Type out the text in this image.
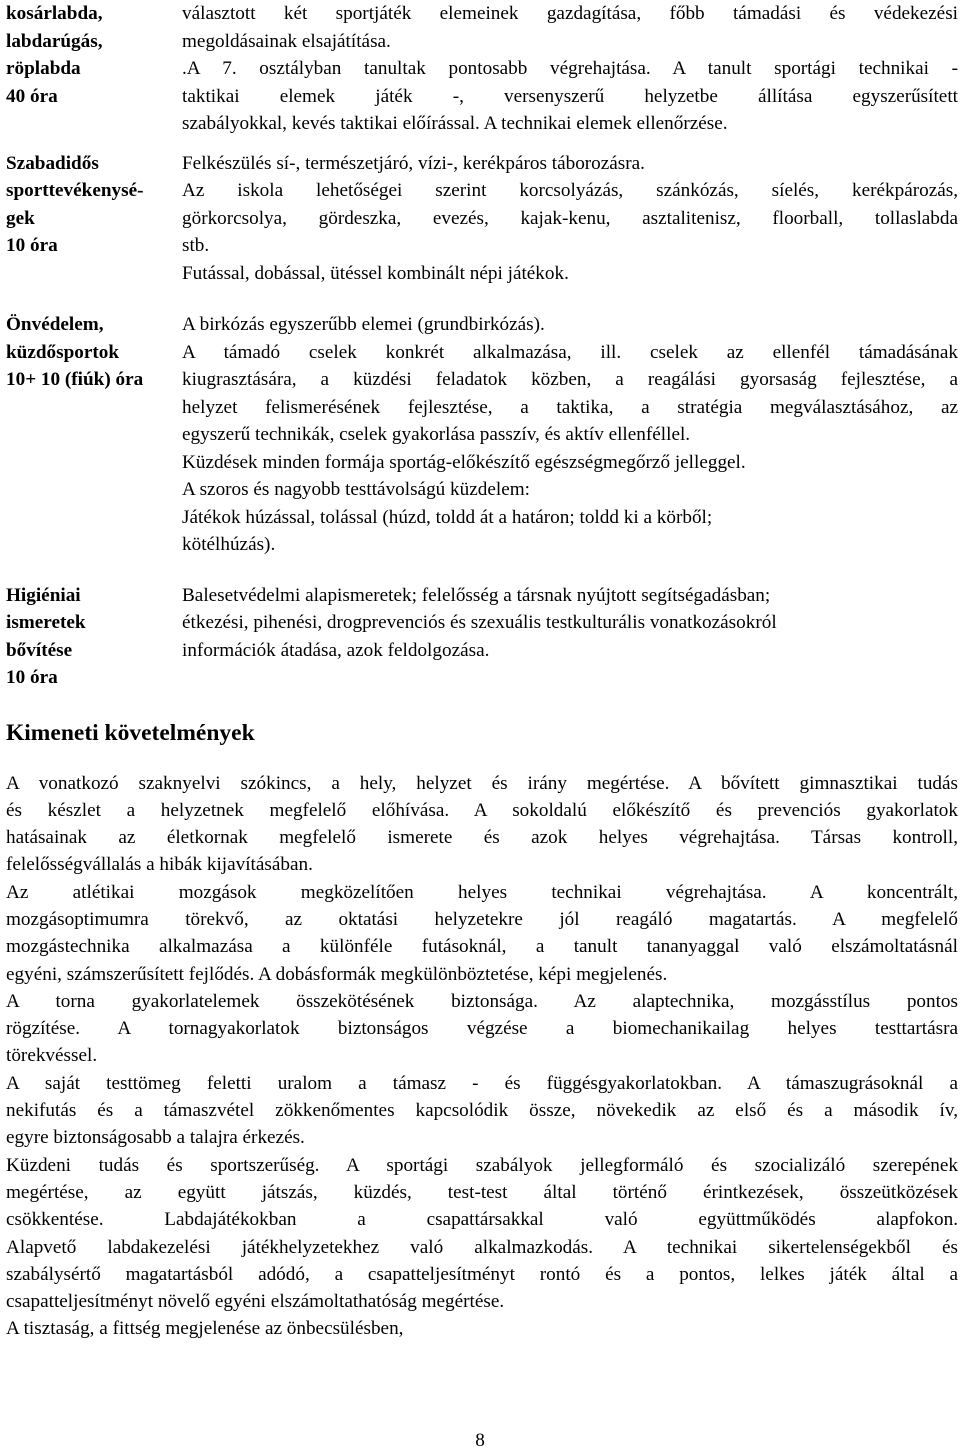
kosárlabda,
labdarúgás,
röplabda
40 óra
választott két sportjáték elemeinek gazdagítása, főbb támadási és védekezési
megoldásainak elsajátítása.
.A 7. osztályban tanultak pontosabb végrehajtása. A tanult sportági technikai -
taktikai elemek játék -, versenyszerű helyzetbe állítása egyszerűsített
szabályokkal, kevés taktikai előírással. A technikai elemek ellenőrzése.
Szabadidős
sporttevékenysé-
gek
10 óra
Felkészülés sí-, természetjáró, vízi-, kerékpáros táborozásra.
Az iskola lehetőségei szerint korcsolyázás, szánkózás, síelés, kerékpározás,
görkorcsolya, gördeszka, evezés, kajak-kenu, asztalitenisz, floorball, tollaslabda
stb.
Futással, dobással, ütéssel kombinált népi játékok.
Önvédelem,
küzdősportok
10+ 10 (fiúk) óra
A birkózás egyszerűbb elemei (grundbirkózás).
A támadó cselek konkrét alkalmazása, ill. cselek az ellenfél támadásának
kiugrasztására, a küzdési feladatok közben, a reagálási gyorsaság fejlesztése, a
helyzet felismerésének fejlesztése, a taktika, a stratégia megválasztásához, az
egyszerű technikák, cselek gyakorlása passzív, és aktív ellenféllel.
Küzdések minden formája sportág-előkészítő egészségmegőrző jelleggel.
A szoros és nagyobb testtávolságú küzdelem:
Játékok húzással, tolással (húzd, toldd át a határon; toldd ki a körből;
kötélhúzás).
Higiéniai
ismeretek
bővítése
10 óra
Balesetvédelmi alapismeretek; felelősség a társnak nyújtott segítségadásban;
étkezési, pihenési, drogprevenciós és szexuális testkulturális vonatkozásokról
információk átadása, azok feldolgozása.
Kimeneti követelmények
A vonatkozó szaknyelvi szókincs, a hely, helyzet és irány megértése. A bővített gimnasztikai tudás
és készlet a helyzetnek megfelelő előhívása. A sokoldalú előkészítő és prevenciós gyakorlatok
hatásainak az életkornak megfelelő ismerete és azok helyes végrehajtása. Társas kontroll,
felelősségvállalás a hibák kijavításában.
Az atlétikai mozgások megközelítően helyes technikai végrehajtása. A koncentrált,
mozgásoptimumra törekvő, az oktatási helyzetekre jól reagáló magatartás. A megfelelő
mozgástechnika alkalmazása a különféle futásoknál, a tanult tananyaggal való elszámoltatásnál
egyéni, számszerűsített fejlődés. A dobásformák megkülönböztetése, képi megjelenés.
A torna gyakorlatelemek összekötésének biztonsága. Az alaptechnika, mozgásstílus pontos
rögzítése. A tornagyakorlatok biztonságos végzése a biomechanikailag helyes testtartásra
törekvéssel.
A saját testtömeg feletti uralom a támasz - és függésgyakorlatokban. A támaszugrásoknál a
nekifutás és a támaszvétel zökkenőmentes kapcsolódik össze, növekedik az első és a második ív,
egyre biztonságosabb a talajra érkezés.
Küzdeni tudás és sportszerűség. A sportági szabályok jellegformáló és szocializáló szerepének
megértése, az együtt játszás, küzdés, test-test által történő érintkezések, összeütközések
csökkentése. Labdajátékokban a csapattársakkal való együttműködés alapfokon.
Alapvető labdakezelési játékhelyzetekhez való alkalmazkodás. A technikai sikertelenségekből és
szabálysértő magatartásból adódó, a csapatteljesítményt rontó és a pontos, lelkes játék által a
csapatteljesítményt növelő egyéni elszámoltathatóság megértése.
A tisztaság, a fittség megjelenése az önbecsülésben,
8
